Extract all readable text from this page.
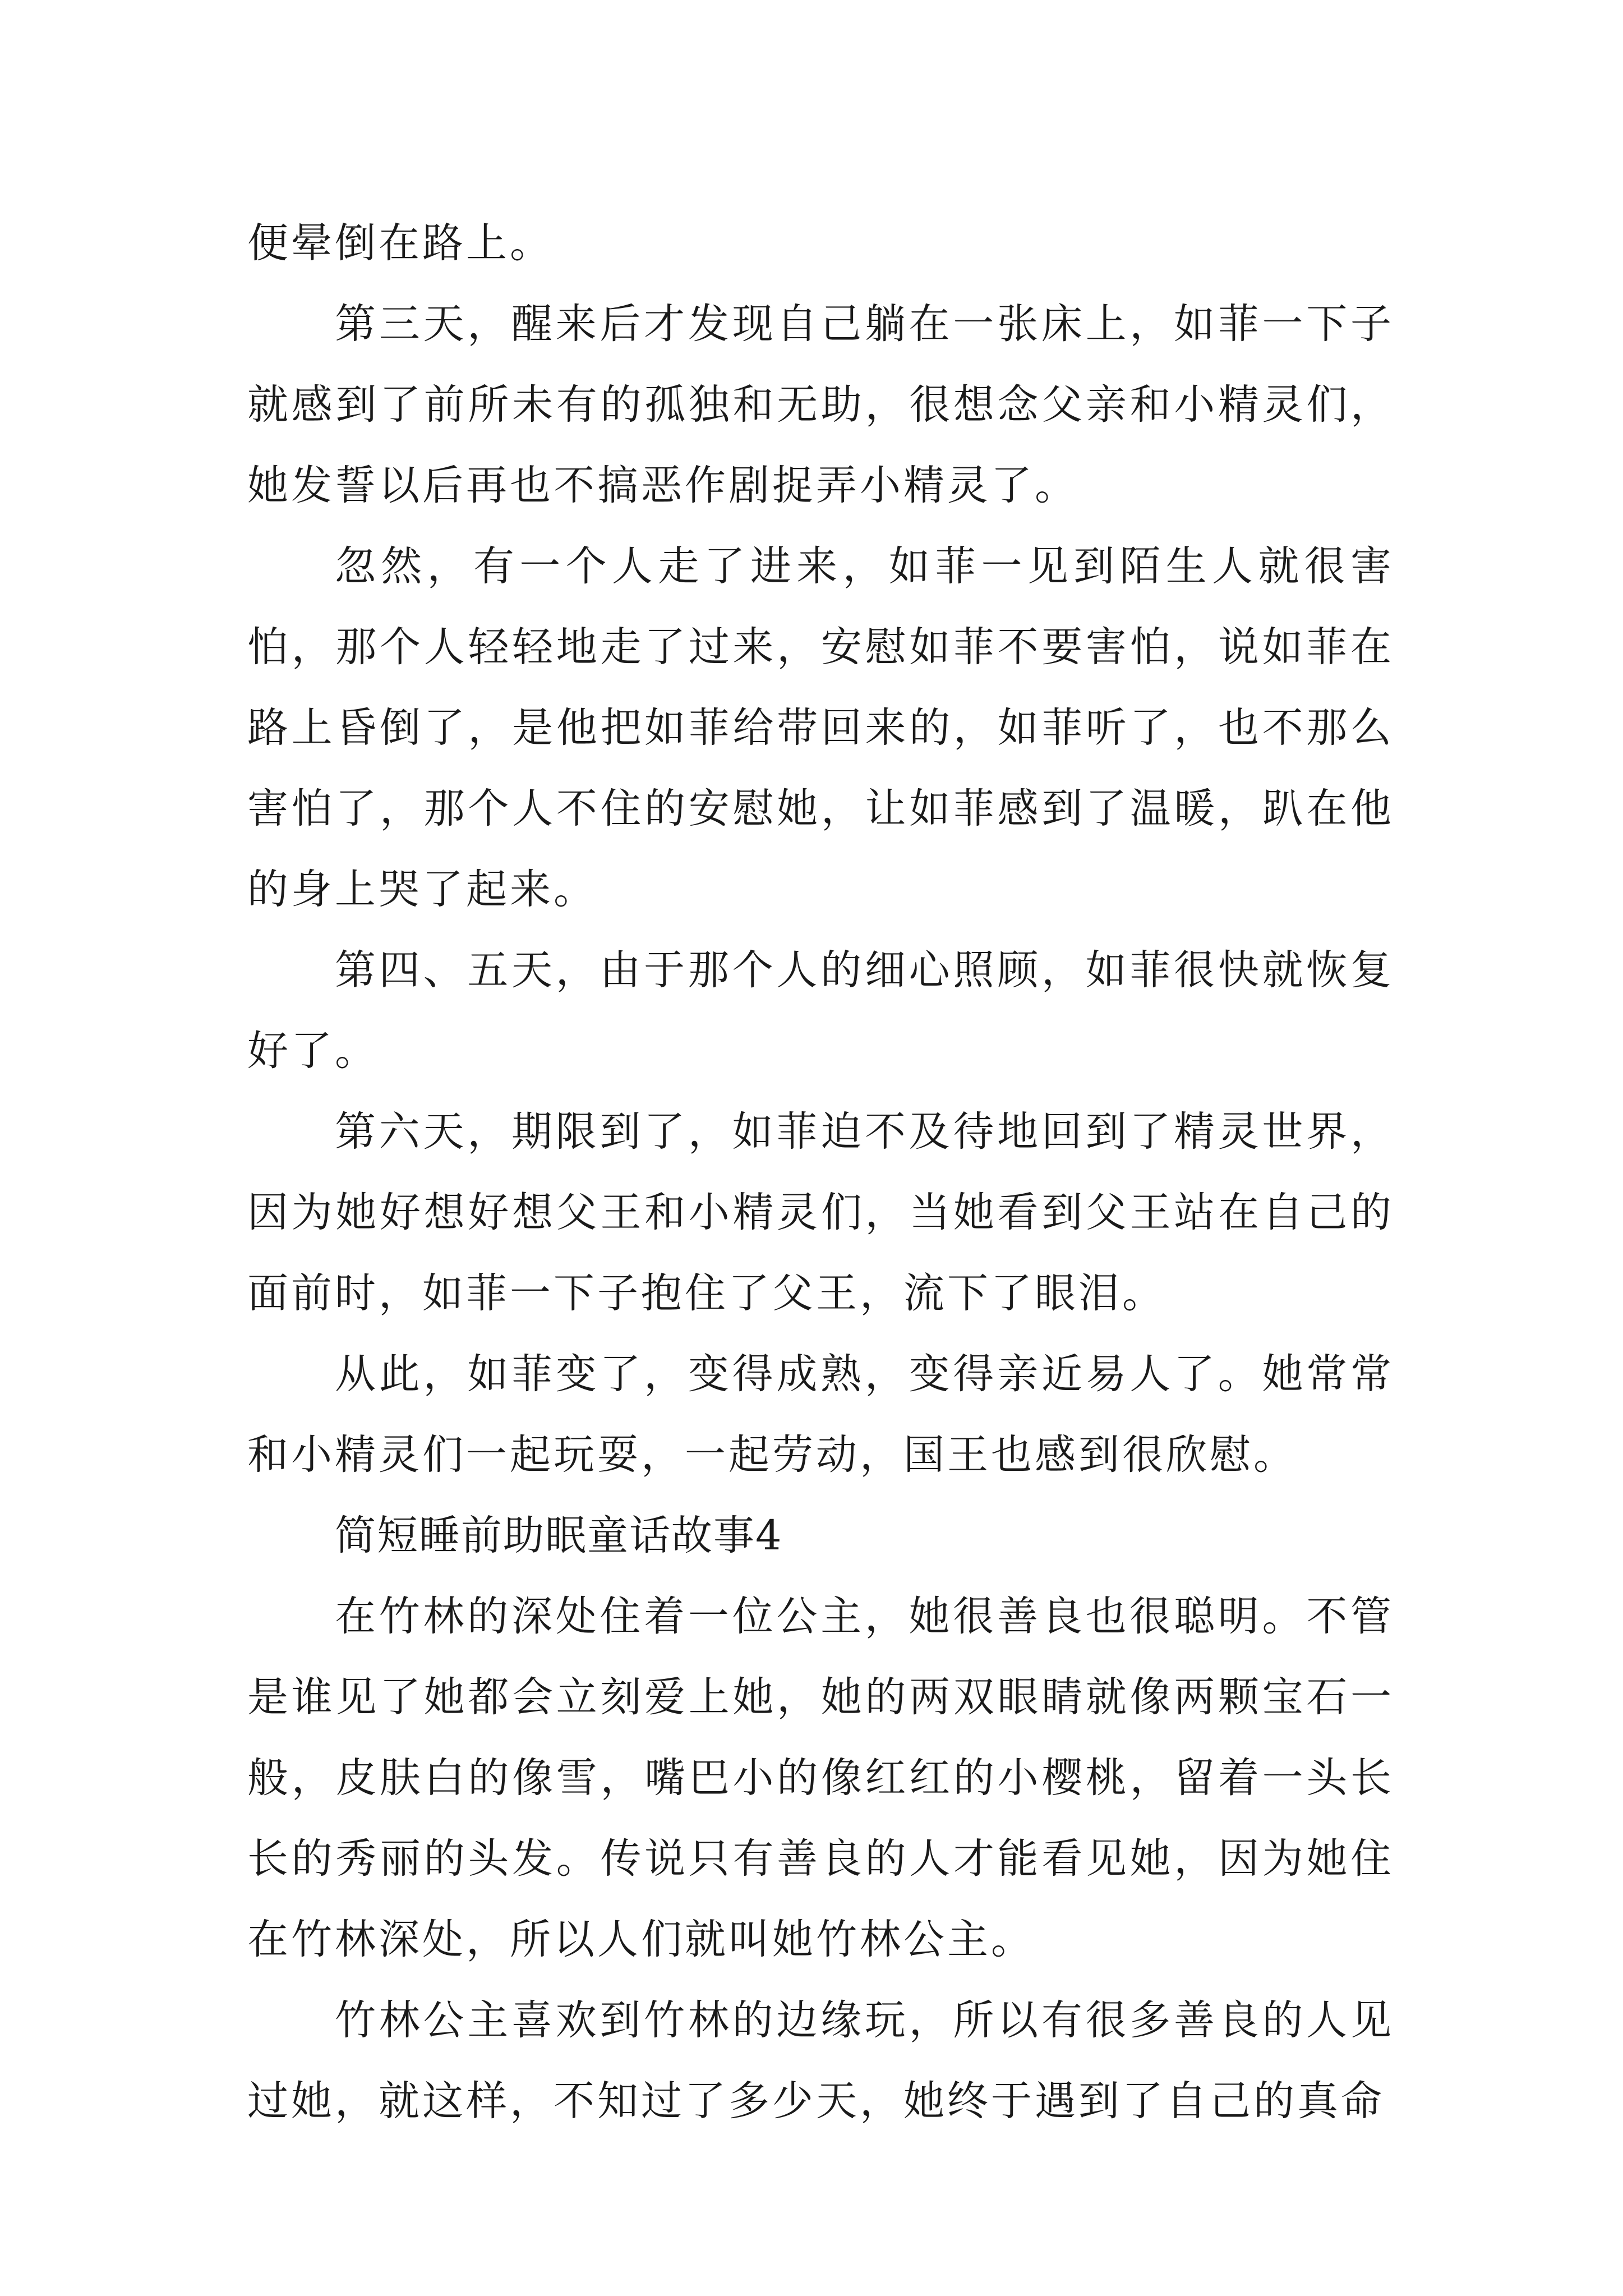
便晕倒在路上。

第三天，醒来后才发现自己躺在一张床上，如菲一下子就感到了前所未有的孤独和无助，很想念父亲和小精灵们，她发誓以后再也不搞恶作剧捉弄小精灵了。

忽然，有一个人走了进来，如菲一见到陌生人就很害怕，那个人轻轻地走了过来，安慰如菲不要害怕，说如菲在路上昏倒了，是他把如菲给带回来的，如菲听了，也不那么害怕了，那个人不住的安慰她，让如菲感到了温暖，趴在他的身上哭了起来。

第四、五天，由于那个人的细心照顾，如菲很快就恢复好了。

第六天，期限到了，如菲迫不及待地回到了精灵世界，因为她好想好想父王和小精灵们，当她看到父王站在自己的面前时，如菲一下子抱住了父王，流下了眼泪。

从此，如菲变了，变得成熟，变得亲近易人了。她常常和小精灵们一起玩耍，一起劳动，国王也感到很欣慰。

简短睡前助眠童话故事4

在竹林的深处住着一位公主，她很善良也很聪明。不管是谁见了她都会立刻爱上她，她的两双眼睛就像两颗宝石一般，皮肤白的像雪，嘴巴小的像红红的小樱桃，留着一头长长的秀丽的头发。传说只有善良的人才能看见她，因为她住在竹林深处，所以人们就叫她竹林公主。

竹林公主喜欢到竹林的边缘玩，所以有很多善良的人见过她，就这样，不知过了多少天，她终于遇到了自己的真命
